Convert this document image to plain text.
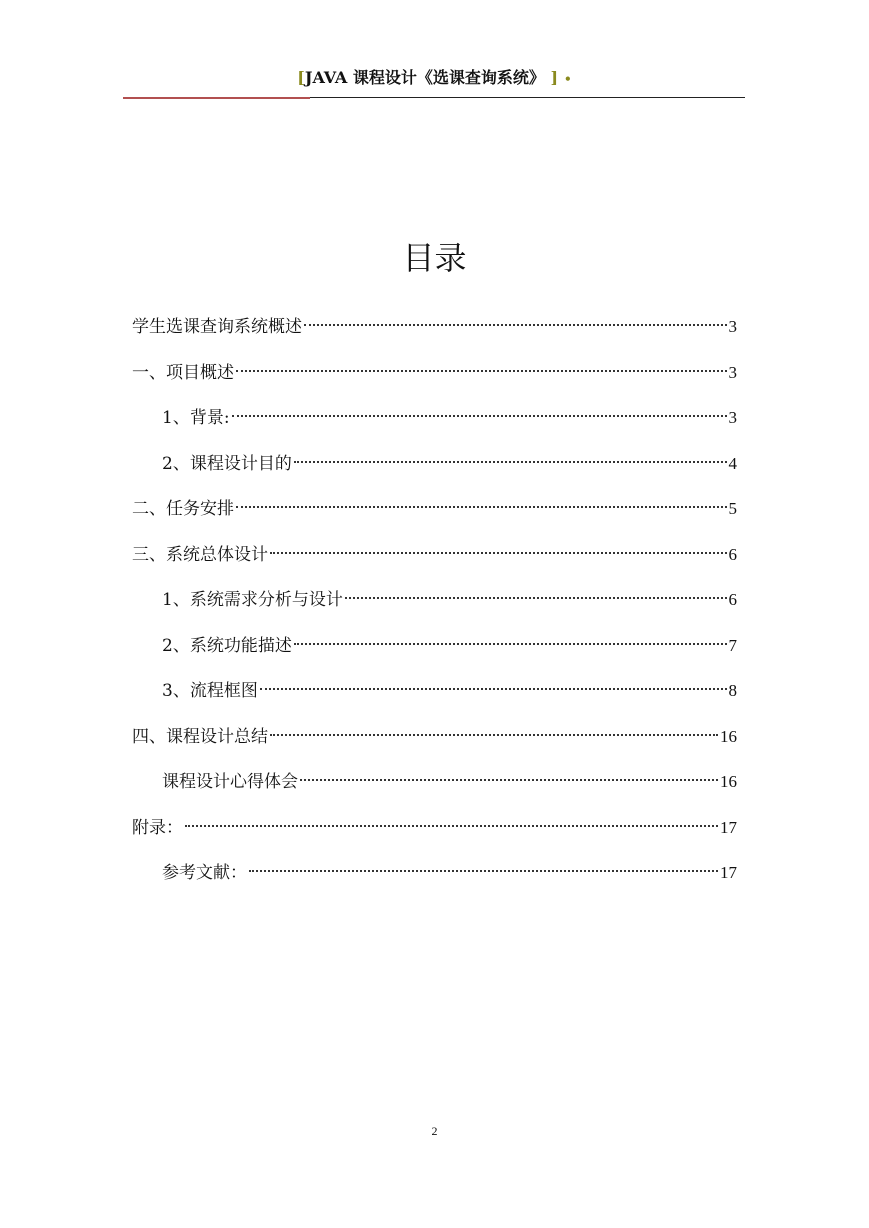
[JAVA 课程设计《选课查询系统》 ] •
目录
学生选课查询系统概述	3
一、项目概述	3
1、背景:	3
2、课程设计目的	4
二、任务安排	5
三、系统总体设计	6
1、系统需求分析与设计	6
2、系统功能描述	7
3、流程框图	8
四、课程设计总结	16
课程设计心得体会	16
附录：	17
参考文献：	17
2
